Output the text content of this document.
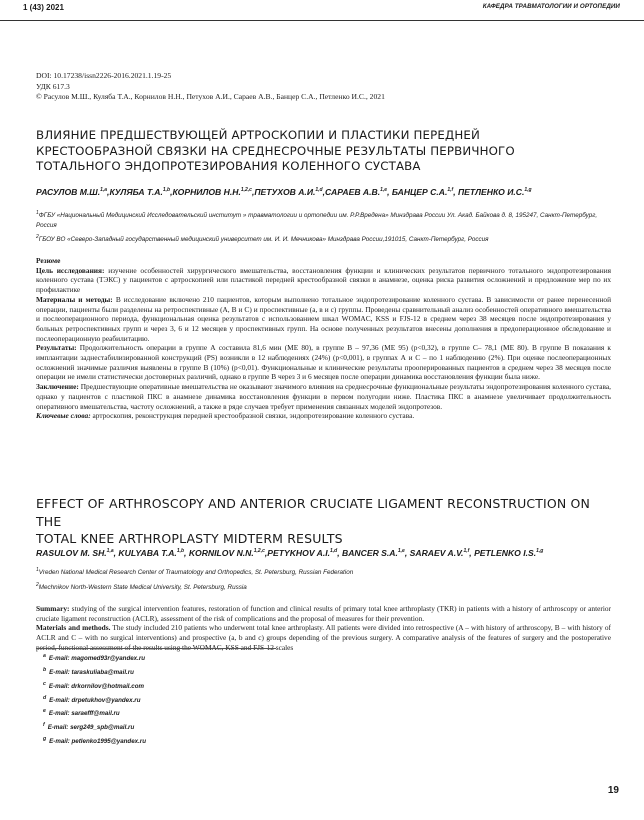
1 (43) 2021	КАФЕДРА ТРАВМАТОЛОГИИ И ОРТОПЕДИИ
DOI: 10.17238/issn2226-2016.2021.1.19-25
УДК 617.3
© Расулов М.Ш., Куляба Т.А., Корнилов Н.Н., Петухов А.И., Сараев А.В., Банцер С.А., Петленко И.С., 2021
ВЛИЯНИЕ ПРЕДШЕСТВУЮЩЕЙ АРТРОСКОПИИ И ПЛАСТИКИ ПЕРЕДНЕЙ
КРЕСТООБРАЗНОЙ СВЯЗКИ НА СРЕДНЕСРОЧНЫЕ РЕЗУЛЬТАТЫ ПЕРВИЧНОГО
ТОТАЛЬНОГО ЭНДОПРОТЕЗИРОВАНИЯ КОЛЕННОГО СУСТАВА
РАСУЛОВ М.Ш.$^{1,a}$,КУЛЯБА Т.А.$^{1,b}$,КОРНИЛОВ Н.Н.$^{1,2,c}$,ПЕТУХОВ А.И.$^{1,d}$,САРАЕВ А.В.$^{1,e}$, БАНЦЕР С.А.$^{1,f}$, ПЕТЛЕНКО И.С.$^{1,g}$

$^1$ФГБУ «Национальный Медицинский Исследовательский институт » травматологии и ортопедии им. Р.Р.Вредена» Минздрава России Ул. Акад. Байкова д. 8, 195247, Санкт-Петербург, Россия

$^2$ГБОУ ВО «Северо-Западный государственный медицинский университет им. И. И. Мечникова» Минздрава России,191015, Санкт-Петербург, Россия

Резюме

Цель исследования: изучение особенностей хирургического вмешательства, восстановления функции и клинических результатов первичного тотального эндопротезирования коленного сустава (ТЭКС) у пациентов с артроскопией или пластикой передней крестообразной связки в анамнезе, оценка риска развития осложнений и предложение мер по их профилактике

Материалы и методы: В исследование включено 210 пациентов, которым выполнено тотальное эндопротезирование коленного сустава. В зависимости от ранее перенесенной операции, пациенты были разделены на ретроспективные (А, В и С) и проспективные (а, в и с) группы. Проведены сравнительный анализ особенностей оперативного вмешательства и послеоперационного периода, функциональная оценка результатов с использованием шкал WOMAC, KSS и FJS-12 в среднем через 38 месяцев после эндопротезирования у больных ретроспективных групп и через 3, 6 и 12 месяцев у проспективных групп. На основе полученных результатов внесены дополнения в предоперационное обследование и послеоперационную реабилитацию.

Результаты: Продолжительность операции в группе А составила 81,6 мин (МЕ 80), в группе В – 97,36 (МЕ 95) (p<0,32), в группе С– 78,1 (МЕ 80). В группе В показания к имплантации заднестабилизированной конструкций (PS) возникли в 12 наблюдениях (24%) (p<0,001), в группах А и С – по 1 наблюдению (2%). При оценке послеоперационных осложнений значимые различия выявлены в группе В (10%) (p<0,01). Функциональные и клинические результаты прооперированных пациентов в среднем через 38 месяцев после операции не имели статистически достоверных различий, однако в группе В через 3 и 6 месяцев после операции динамика восстановления функции была ниже.

Заключение: Предшествующие оперативные вмешательства не оказывают значимого влияния на среднесрочные функциональные результаты эндопротезирования коленного сустава, однако у пациентов с пластикой ПКС в анамнезе динамика восстановления функции в первом полугодии ниже. Пластика ПКС в анамнезе увеличивает продолжительность оперативного вмешательства, частоту осложнений, а также в ряде случаев требует применения связанных моделей эндопротезов.

Ключевые слова: артроскопия, реконструкция передней крестообразной связки, эндопротезирование коленного сустава.

EFFECT OF ARTHROSCOPY AND ANTERIOR CRUCIATE LIGAMENT RECONSTRUCTION ON THE
TOTAL KNEE ARTHROPLASTY MIDTERM RESULTS
RASULOV M. SH.$^{1,a}$, KULYABA T.A.$^{1,b}$, KORNILOV N.N.$^{1,2,c}$,PETYKHOV A.I.$^{1,d}$, BANCER S.A.$^{1,e}$, SARAEV A.V.$^{1,f}$, PETLENKO I.S.$^{1,g}$

$^1$Vreden National Medical Research Center of Traumatology and Orthopedics, St. Petersburg, Russian Federation

$^2$Mechnikov North-Western State Medical University, St. Petersburg, Russia

Summary: studying of the surgical intervention features, restoration of function and clinical results of primary total knee arthroplasty (TKR) in patients with a history of arthroscopy or anterior cruciate ligament reconstruction (ACLR), assessment of the risk of complications and the proposal of measures for their prevention.

Materials and methods. The study included 210 patients who underwent total knee arthroplasty. All patients were divided into retrospective (A – with history of arthroscopy, B – with history of ACLR and C – with no surgical interventions) and prospective (a, b and c) groups depending of the previous surgery. A comparative analysis of the features of surgery and the postoperative period, functional assessment of the results using the WOMAC, KSS and FJS-12 scales

$^a$ E-mail: magomed93r@yandex.ru
$^b$ E-mail: taraskuliaba@mail.ru
$^c$ E-mail: drkornilov@hotmail.com
$^d$ E-mail: drpetukhov@yandex.ru
$^e$ E-mail: saraefff@mail.ru
$^f$ E-mail: serg249_spb@mail.ru
$^g$ E-mail: petlenko1995@yandex.ru
19
